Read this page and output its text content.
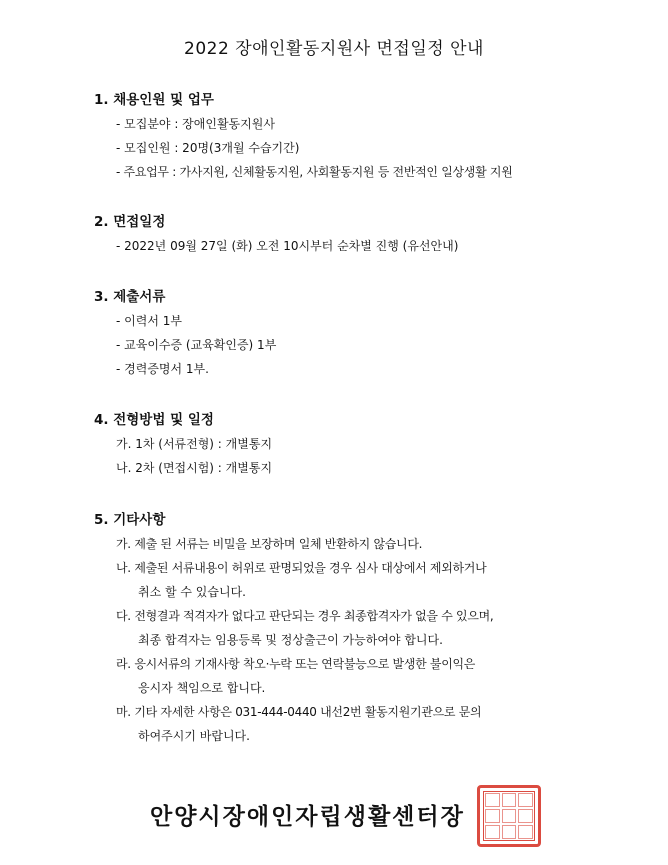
2022 장애인활동지원사 면접일정 안내
1. 채용인원 및 업무
- 모집분야 : 장애인활동지원사
- 모집인원 : 20명(3개월 수습기간)
- 주요업무 : 가사지원, 신체활동지원, 사회활동지원 등 전반적인 일상생활 지원
2. 면접일정
- 2022년 09월 27일 (화) 오전 10시부터 순차별 진행 (유선안내)
3. 제출서류
- 이력서 1부
- 교육이수증 (교육확인증) 1부
- 경력증명서 1부.
4. 전형방법 및 일정
가. 1차 (서류전형) : 개별통지
나. 2차 (면접시험) : 개별통지
5. 기타사항
가. 제출 된 서류는 비밀을 보장하며 일체 반환하지 않습니다.
나. 제출된 서류내용이 허위로 판명되었을 경우 심사 대상에서 제외하거나
취소 할 수 있습니다.
다. 전형결과 적격자가 없다고 판단되는 경우 최종합격자가 없을 수 있으며,
최종 합격자는 임용등록 및 정상출근이 가능하여야 합니다.
라. 응시서류의 기재사항 착오·누락 또는 연락불능으로 발생한 불이익은
응시자 책임으로 합니다.
마. 기타 자세한 사항은 031-444-0440 내선2번 활동지원기관으로 문의
하여주시기 바랍니다.
안양시장애인자립생활센터장
